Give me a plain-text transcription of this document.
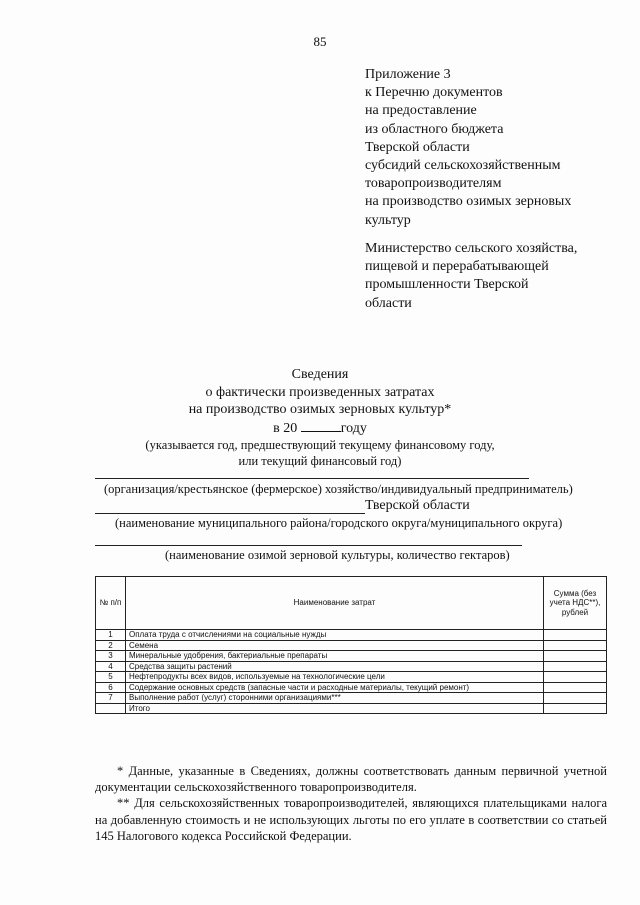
85
Приложение 3
к Перечню документов
на предоставление
из областного бюджета
Тверской области
субсидий сельскохозяйственным
товаропроизводителям
на производство озимых зерновых
культур
Министерство сельского хозяйства,
пищевой и перерабатывающей
промышленности Тверской
области
Сведения
о фактически произведенных затратах
на производство озимых зерновых культур*
в 20	году
(указывается год, предшествующий текущему финансовому году,
или текущий финансовый год)
(организация/крестьянское (фермерское) хозяйство/индивидуальный предприниматель)
Тверской области
(наименование муниципального района/городского округа/муниципального округа)
(наименование озимой зерновой культуры, количество гектаров)
№ п/п	Наименование затрат	Сумма (без учета НДС**), рублей
1	Оплата труда с отчислениями на социальные нужды	
2	Семена	
3	Минеральные удобрения, бактериальные препараты	
4	Средства защиты растений	
5	Нефтепродукты всех видов, используемые на технологические цели	
6	Содержание основных средств (запасные части и расходные материалы, текущий ремонт)	
7	Выполнение работ (услуг) сторонними организациями***	
	Итого	

* Данные, указанные в Сведениях, должны соответствовать данным первичной учетной документации сельскохозяйственного товаропроизводителя.

** Для сельскохозяйственных товаропроизводителей, являющихся плательщиками налога на добавленную стоимость и не использующих льготы по его уплате в соответствии со статьей 145 Налогового кодекса Российской Федерации.
